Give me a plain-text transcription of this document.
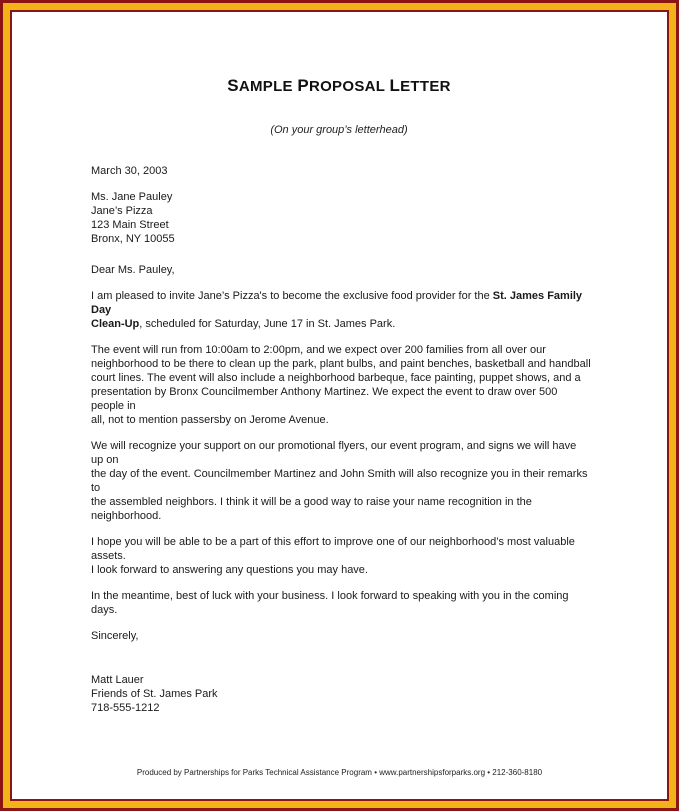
SAMPLE PROPOSAL LETTER
(On your group’s letterhead)

March 30, 2003

Ms. Jane Pauley
Jane’s Pizza
123 Main Street
Bronx, NY 10055

Dear Ms. Pauley,

I am pleased to invite Jane’s Pizza's to become the exclusive food provider for the St. James Family Day
Clean-Up, scheduled for Saturday, June 17 in St. James Park.

The event will run from 10:00am to 2:00pm, and we expect over 200 families from all over our
neighborhood to be there to clean up the park, plant bulbs, and paint benches, basketball and handball
court lines. The event will also include a neighborhood barbeque, face painting, puppet shows, and a
presentation by Bronx Councilmember Anthony Martinez. We expect the event to draw over 500 people in
all, not to mention passersby on Jerome Avenue.

We will recognize your support on our promotional flyers, our event program, and signs we will have up on
the day of the event. Councilmember Martinez and John Smith will also recognize you in their remarks to
the assembled neighbors. I think it will be a good way to raise your name recognition in the neighborhood.

I hope you will be able to be a part of this effort to improve one of our neighborhood’s most valuable assets.
I look forward to answering any questions you may have.

In the meantime, best of luck with your business. I look forward to speaking with you in the coming days.

Sincerely,

Matt Lauer
Friends of St. James Park
718-555-1212

Produced by Partnerships for Parks Technical Assistance Program • www.partnershipsforparks.org • 212-360-8180
